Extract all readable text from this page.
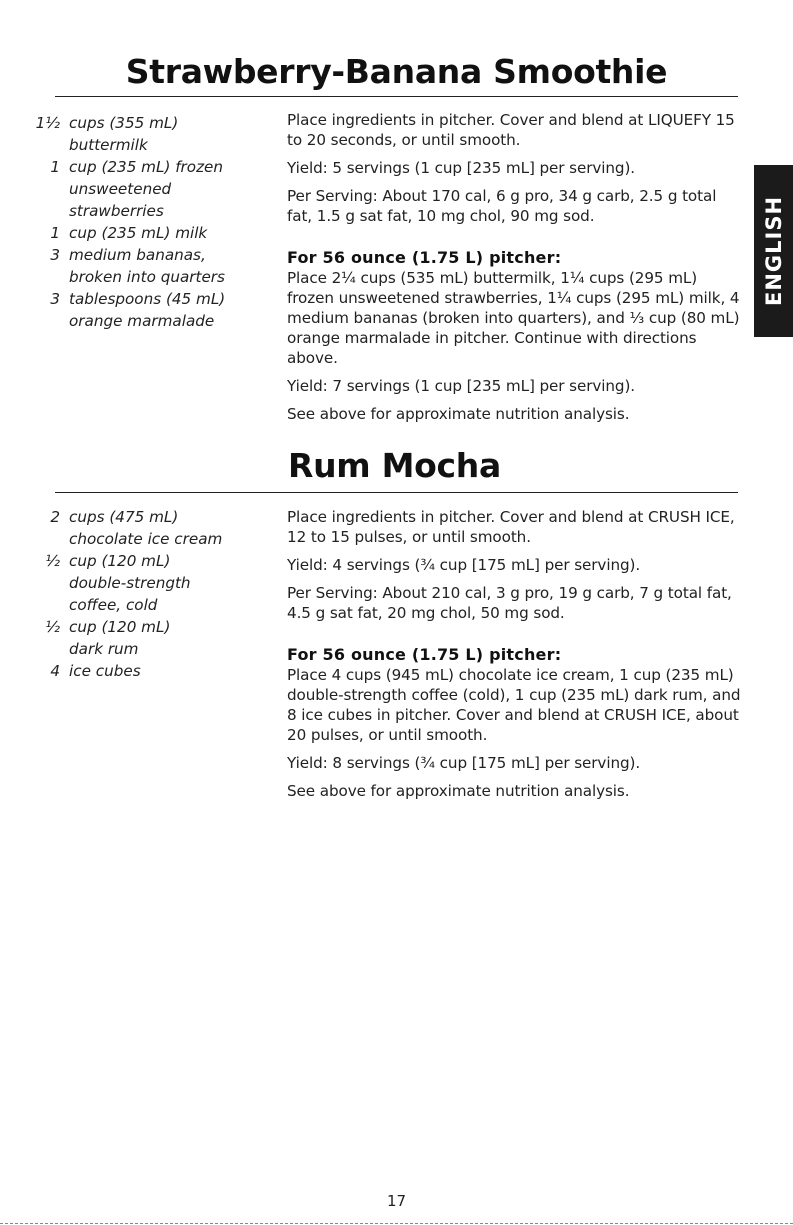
Strawberry-Banana Smoothie
1½ cups (355 mL)
buttermilk
1 cup (235 mL) frozen
unsweetened
strawberries
1 cup (235 mL) milk
3 medium bananas,
broken into quarters
3 tablespoons (45 mL)
orange marmalade

Place ingredients in pitcher. Cover and blend at LIQUEFY 15 to 20 seconds, or until smooth.

Yield: 5 servings (1 cup [235 mL] per serving).

Per Serving: About 170 cal, 6 g pro, 34 g carb, 2.5 g total fat, 1.5 g sat fat, 10 mg chol, 90 mg sod.

For 56 ounce (1.75 L) pitcher:

Place 2¼ cups (535 mL) buttermilk, 1¼ cups (295 mL) frozen unsweetened strawberries, 1¼ cups (295 mL) milk, 4 medium bananas (broken into quarters), and ⅓ cup (80 mL) orange marmalade in pitcher. Continue with directions above.

Yield: 7 servings (1 cup [235 mL] per serving).

See above for approximate nutrition analysis.

Rum Mocha
2 cups (475 mL)
chocolate ice cream
½ cup (120 mL)
double-strength
coffee, cold
½ cup (120 mL)
dark rum
4 ice cubes

Place ingredients in pitcher. Cover and blend at CRUSH ICE, 12 to 15 pulses, or until smooth.

Yield: 4 servings (¾ cup [175 mL] per serving).

Per Serving: About 210 cal, 3 g pro, 19 g carb, 7 g total fat, 4.5 g sat fat, 20 mg chol, 50 mg sod.

For 56 ounce (1.75 L) pitcher:

Place 4 cups (945 mL) chocolate ice cream, 1 cup (235 mL) double-strength coffee (cold), 1 cup (235 mL) dark rum, and 8 ice cubes in pitcher. Cover and blend at CRUSH ICE, about 20 pulses, or until smooth.

Yield: 8 servings (¾ cup [175 mL] per serving).

See above for approximate nutrition analysis.

ENGLISH
17
